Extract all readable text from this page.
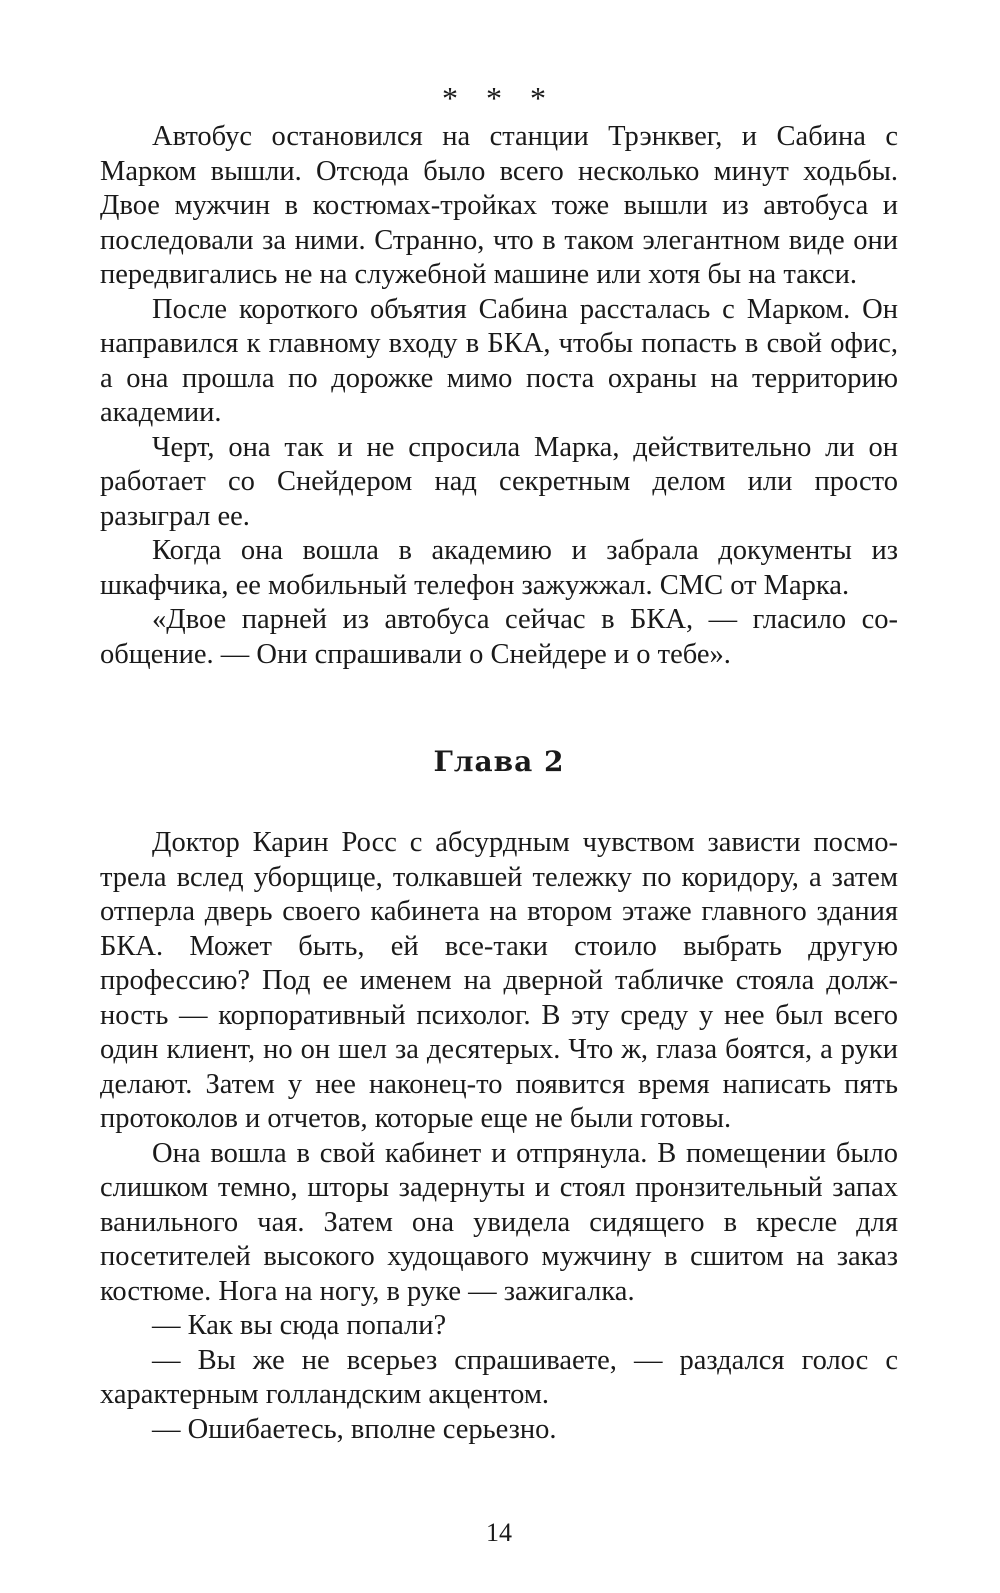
* * *

Автобус остановился на станции Трэнквег, и Сабина с Марком вышли. Отсюда было всего несколько минут ходьбы. Двое мужчин в костюмах-тройках тоже вышли из автобуса и последовали за ними. Странно, что в таком элегантном виде они передвигались не на служебной машине или хотя бы на такси.

После короткого объятия Сабина рассталась с Марком. Он направился к главному входу в БКА, чтобы попасть в свой офис, а она прошла по дорожке мимо поста охраны на территорию академии.

Черт, она так и не спросила Марка, действительно ли он работает со Снейдером над секретным делом или просто разыграл ее.

Когда она вошла в академию и забрала документы из шкафчика, ее мобильный телефон зажужжал. СМС от Марка.

«Двое парней из автобуса сейчас в БКА, — гласило сообщение. — Они спрашивали о Снейдере и о тебе».

Глава 2

Доктор Карин Росс с абсурдным чувством зависти посмотрела вслед уборщице, толкавшей тележку по коридору, а затем отперла дверь своего кабинета на втором этаже главного здания БКА. Может быть, ей все-таки стоило выбрать другую профессию? Под ее именем на дверной табличке стояла должность — корпоративный психолог. В эту среду у нее был всего один клиент, но он шел за десятерых. Что ж, глаза боятся, а руки делают. Затем у нее наконец-то появится время написать пять протоколов и отчетов, которые еще не были готовы.

Она вошла в свой кабинет и отпрянула. В помещении было слишком темно, шторы задернуты и стоял пронзительный запах ванильного чая. Затем она увидела сидящего в кресле для посетителей высокого худощавого мужчину в сшитом на заказ костюме. Нога на ногу, в руке — зажигалка.

— Как вы сюда попали?

— Вы же не всерьез спрашиваете, — раздался голос с характерным голландским акцентом.

— Ошибаетесь, вполне серьезно.

14
